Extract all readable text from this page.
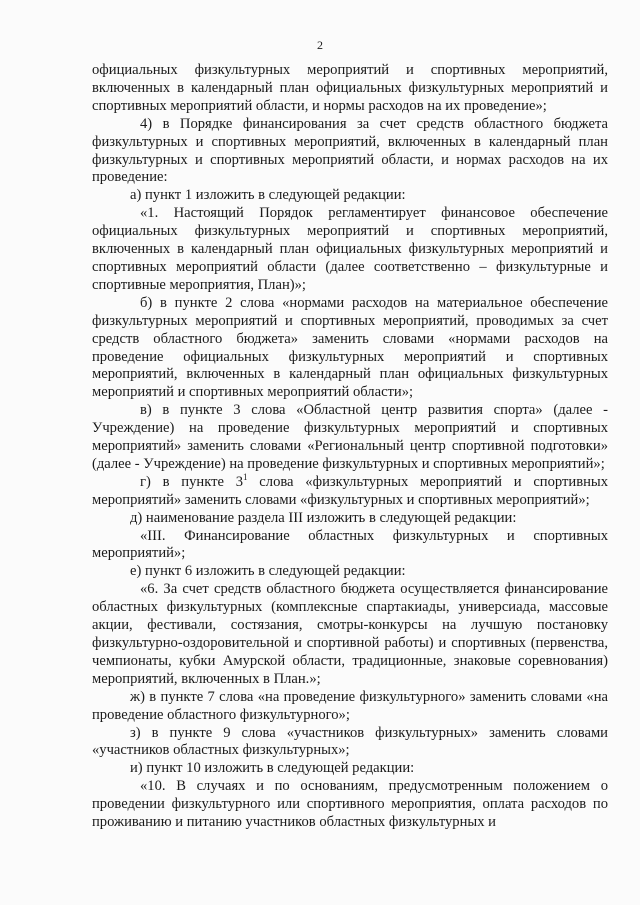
2

официальных физкультурных мероприятий и спортивных мероприятий, включенных в календарный план официальных физкультурных мероприятий и спортивных мероприятий области, и нормы расходов на их проведение»;

4) в Порядке финансирования за счет средств областного бюджета физкультурных и спортивных мероприятий, включенных в календарный план физкультурных и спортивных мероприятий области, и нормах расходов на их проведение:

а) пункт 1 изложить в следующей редакции:

«1. Настоящий Порядок регламентирует финансовое обеспечение официальных физкультурных мероприятий и спортивных мероприятий, включенных в календарный план официальных физкультурных мероприятий и спортивных мероприятий области (далее соответственно – физкультурные и спортивные мероприятия, План)»;

б) в пункте 2 слова «нормами расходов на материальное обеспечение физкультурных мероприятий и спортивных мероприятий, проводимых за счет средств областного бюджета» заменить словами «нормами расходов на проведение официальных физкультурных мероприятий и спортивных мероприятий, включенных в календарный план официальных физкультурных мероприятий и спортивных мероприятий области»;

в) в пункте 3 слова «Областной центр развития спорта» (далее - Учреждение) на проведение физкультурных мероприятий и спортивных мероприятий» заменить словами «Региональный центр спортивной подготовки» (далее - Учреждение) на проведение физкультурных и спортивных мероприятий»;

г) в пункте $3^1$ слова «физкультурных мероприятий и спортивных мероприятий» заменить словами «физкультурных и спортивных мероприятий»;

д) наименование раздела III изложить в следующей редакции:

«III. Финансирование областных физкультурных и спортивных мероприятий»;

е) пункт 6 изложить в следующей редакции:

«6. За счет средств областного бюджета осуществляется финансирование областных физкультурных (комплексные спартакиады, универсиада, массовые акции, фестивали, состязания, смотры-конкурсы на лучшую постановку физкультурно-оздоровительной и спортивной работы) и спортивных (первенства, чемпионаты, кубки Амурской области, традиционные, знаковые соревнования) мероприятий, включенных в План.»;

ж) в пункте 7 слова «на проведение физкультурного» заменить словами «на проведение областного физкультурного»;

з) в пункте 9 слова «участников физкультурных» заменить словами «участников областных физкультурных»;

и) пункт 10 изложить в следующей редакции:

«10. В случаях и по основаниям, предусмотренным положением о проведении физкультурного или спортивного мероприятия, оплата расходов по проживанию и питанию участников областных физкультурных и
